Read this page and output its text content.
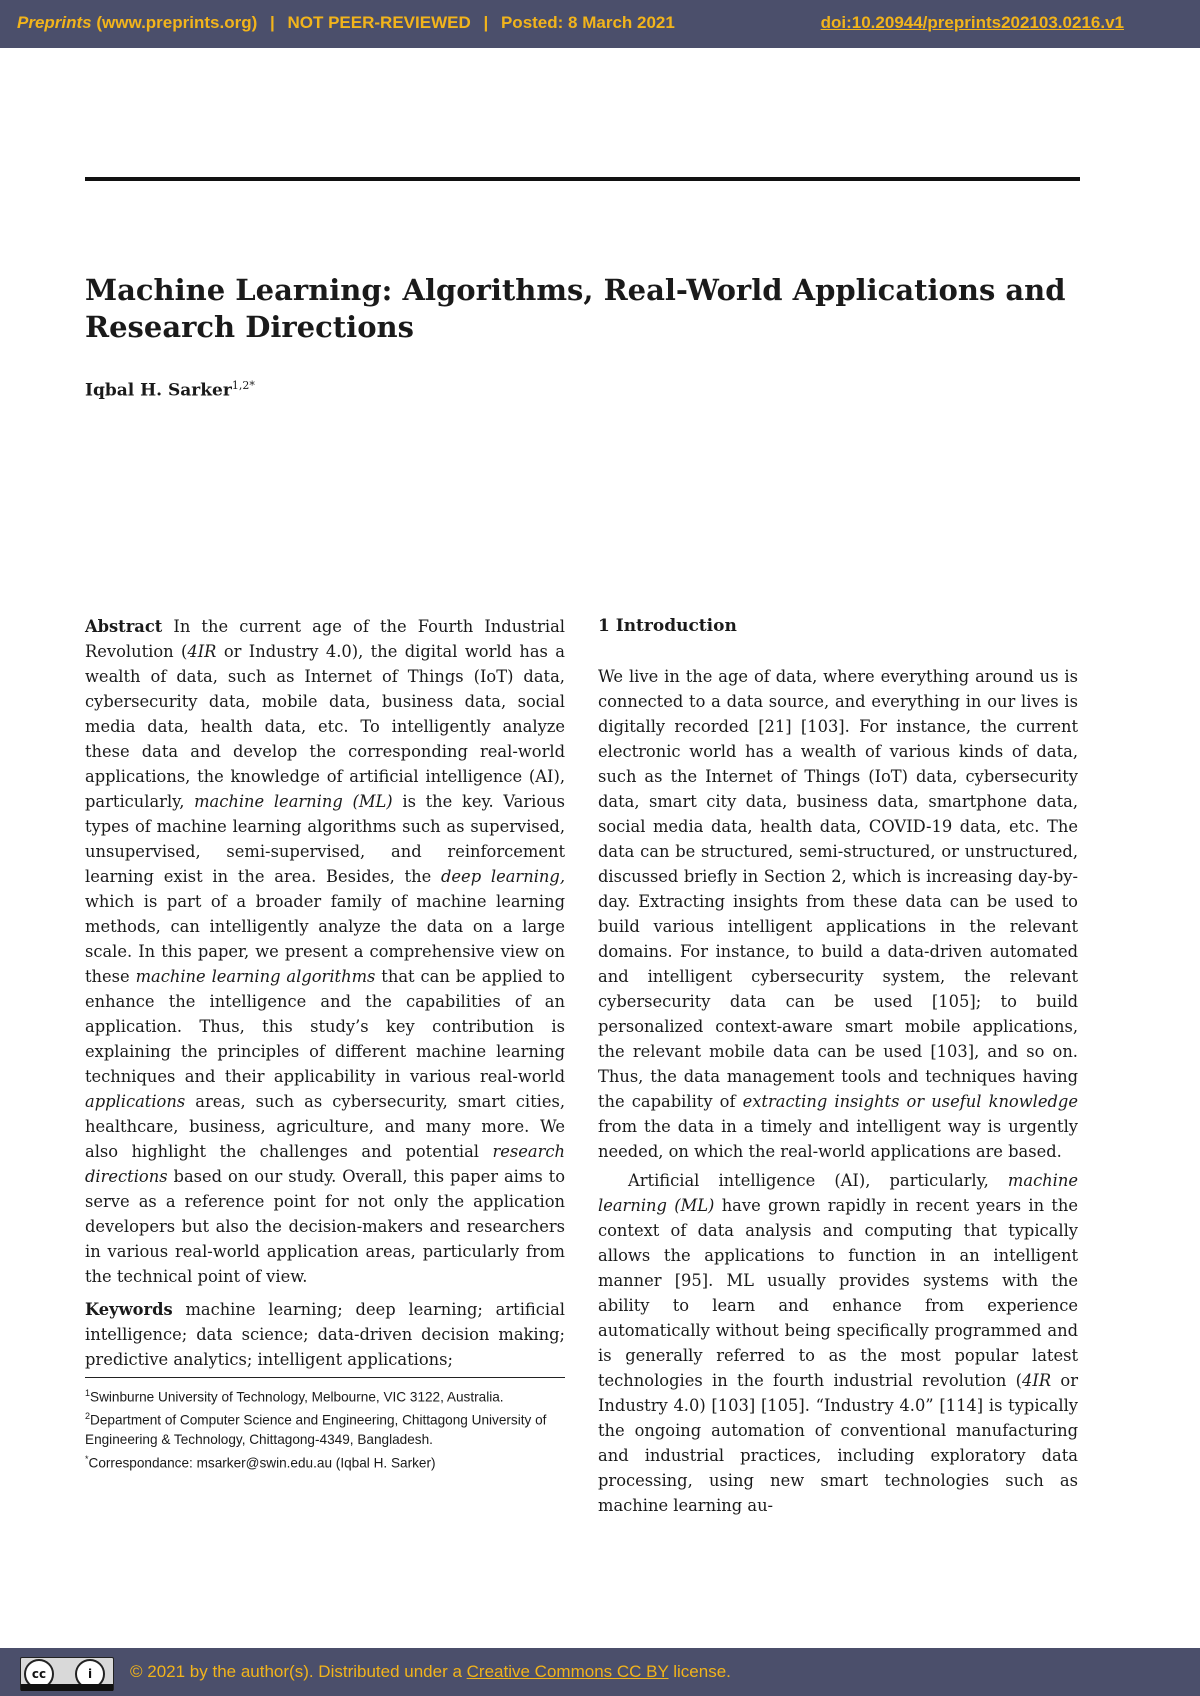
Preprints (www.preprints.org) | NOT PEER-REVIEWED | Posted: 8 March 2021	doi:10.20944/preprints202103.0216.v1
Machine Learning: Algorithms, Real-World Applications and Research Directions
Iqbal H. Sarker$^{1,2*}$

Abstract In the current age of the Fourth Industrial Revolution (4IR or Industry 4.0), the digital world has a wealth of data, such as Internet of Things (IoT) data, cybersecurity data, mobile data, business data, social media data, health data, etc. To intelligently analyze these data and develop the corresponding real-world applications, the knowledge of artificial intelligence (AI), particularly, machine learning (ML) is the key. Various types of machine learning algorithms such as supervised, unsupervised, semi-supervised, and reinforcement learning exist in the area. Besides, the deep learning, which is part of a broader family of machine learning methods, can intelligently analyze the data on a large scale. In this paper, we present a comprehensive view on these machine learning algorithms that can be applied to enhance the intelligence and the capabilities of an application. Thus, this study’s key contribution is explaining the principles of different machine learning techniques and their applicability in various real-world applications areas, such as cybersecurity, smart cities, healthcare, business, agriculture, and many more. We also highlight the challenges and potential research directions based on our study. Overall, this paper aims to serve as a reference point for not only the application developers but also the decision-makers and researchers in various real-world application areas, particularly from the technical point of view.

Keywords machine learning; deep learning; artificial intelligence; data science; data-driven decision making; predictive analytics; intelligent applications;

$^1$Swinburne University of Technology, Melbourne, VIC 3122, Australia.

$^2$Department of Computer Science and Engineering, Chittagong University of Engineering & Technology, Chittagong-4349, Bangladesh.

*Correspondance: msarker@swin.edu.au (Iqbal H. Sarker)

1 Introduction

We live in the age of data, where everything around us is connected to a data source, and everything in our lives is digitally recorded [21] [103]. For instance, the current electronic world has a wealth of various kinds of data, such as the Internet of Things (IoT) data, cybersecurity data, smart city data, business data, smartphone data, social media data, health data, COVID-19 data, etc. The data can be structured, semi-structured, or unstructured, discussed briefly in Section 2, which is increasing day-by-day. Extracting insights from these data can be used to build various intelligent applications in the relevant domains. For instance, to build a data-driven automated and intelligent cybersecurity system, the relevant cybersecurity data can be used [105]; to build personalized context-aware smart mobile applications, the relevant mobile data can be used [103], and so on. Thus, the data management tools and techniques having the capability of extracting insights or useful knowledge from the data in a timely and intelligent way is urgently needed, on which the real-world applications are based.

Artificial intelligence (AI), particularly, machine learning (ML) have grown rapidly in recent years in the context of data analysis and computing that typically allows the applications to function in an intelligent manner [95]. ML usually provides systems with the ability to learn and enhance from experience automatically without being specifically programmed and is generally referred to as the most popular latest technologies in the fourth industrial revolution (4IR or Industry 4.0) [103] [105]. “Industry 4.0” [114] is typically the ongoing automation of conventional manufacturing and industrial practices, including exploratory data processing, using new smart technologies such as machine learning au-

cc	i	© 2021 by the author(s). Distributed under a Creative Commons CC BY license.
